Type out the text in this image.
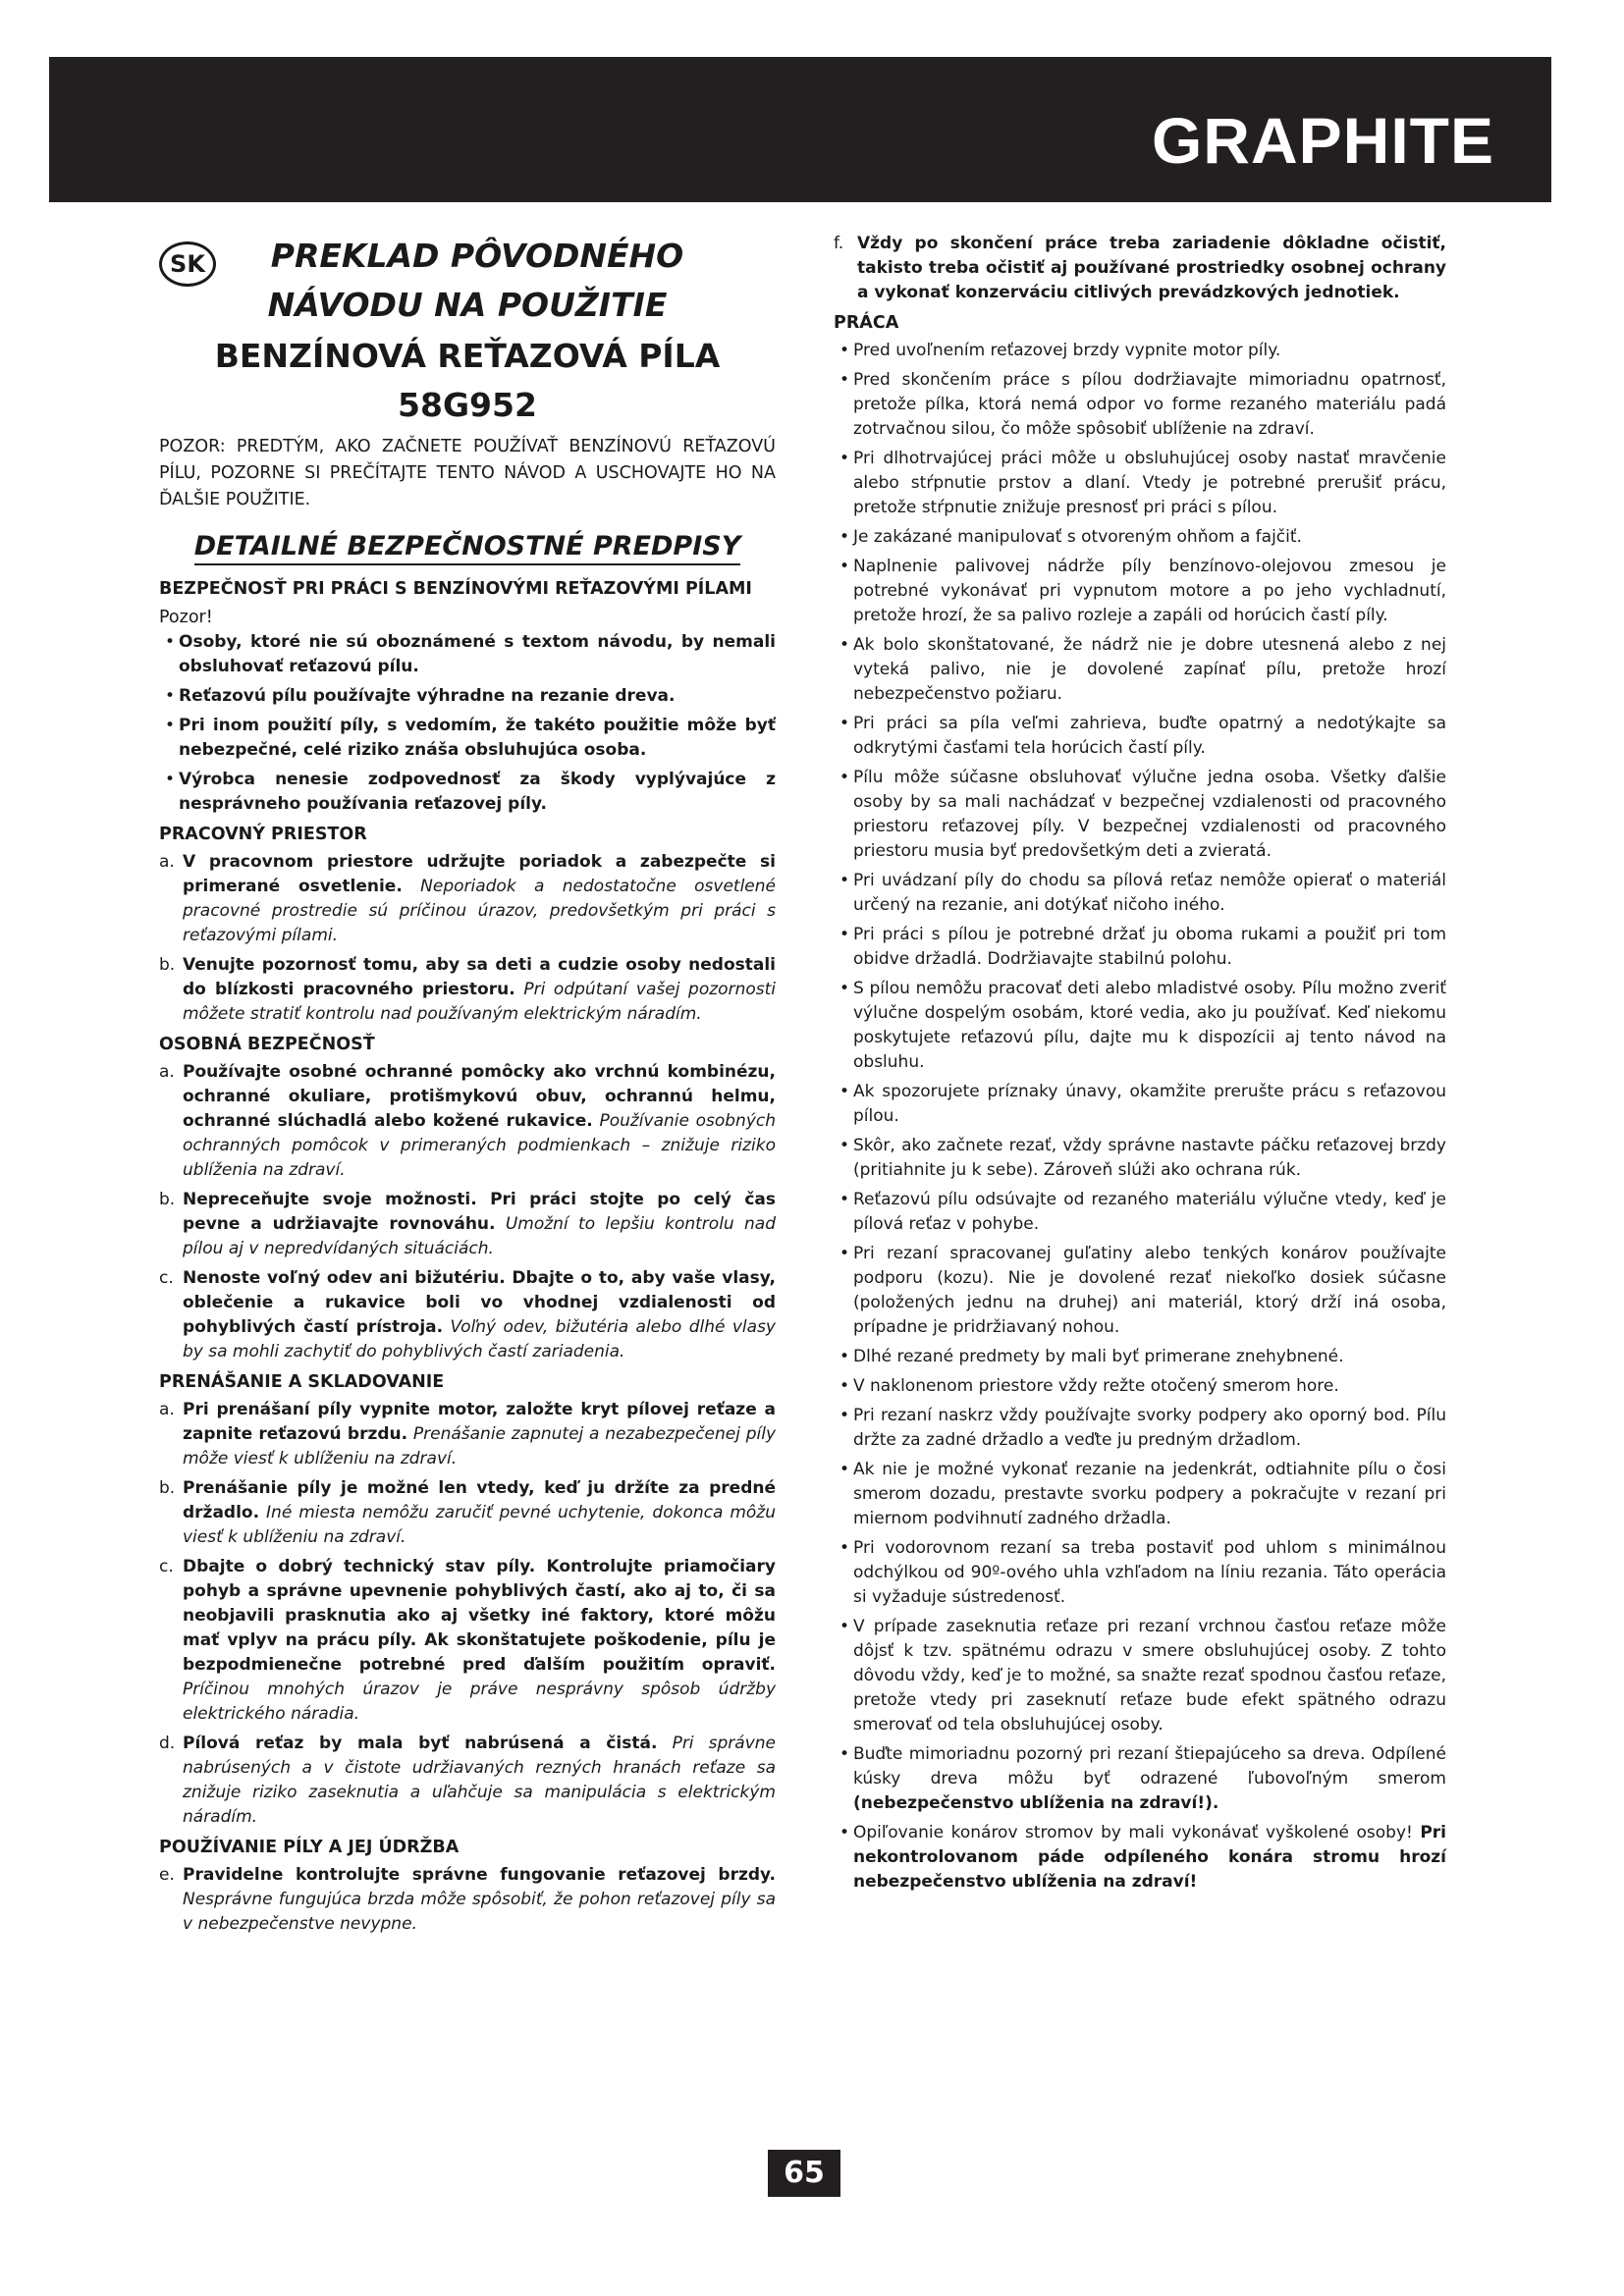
GRAPHITE
SK	PREKLAD PÔVODNÉHO
NÁVODU NA POUŽITIE
BENZÍNOVÁ REŤAZOVÁ PÍLA
58G952
POZOR: PREDTÝM, AKO ZAČNETE POUŽÍVAŤ BENZÍNOVÚ REŤAZOVÚ PÍLU, POZORNE SI PREČÍTAJTE TENTO NÁVOD A USCHOVAJTE HO NA ĎALŠIE POUŽITIE.
DETAILNÉ BEZPEČNOSTNÉ PREDPISY
BEZPEČNOSŤ PRI PRÁCI S BENZÍNOVÝMI REŤAZOVÝMI PÍLAMI
Pozor!
• Osoby, ktoré nie sú oboznámené s textom návodu, by nemali obsluhovať reťazovú pílu.
• Reťazovú pílu používajte výhradne na rezanie dreva.
• Pri inom použití píly, s vedomím, že takéto použitie môže byť nebezpečné, celé riziko znáša obsluhujúca osoba.
• Výrobca nenesie zodpovednosť za škody vyplývajúce z nesprávneho používania reťazovej píly.
PRACOVNÝ PRIESTOR
a. V pracovnom priestore udržujte poriadok a zabezpečte si primerané osvetlenie. Neporiadok a nedostatočne osvetlené pracovné prostredie sú príčinou úrazov, predovšetkým pri práci s reťazovými pílami.
b. Venujte pozornosť tomu, aby sa deti a cudzie osoby nedostali do blízkosti pracovného priestoru. Pri odpútaní vašej pozornosti môžete stratiť kontrolu nad používaným elektrickým náradím.
OSOBNÁ BEZPEČNOSŤ
a. Používajte osobné ochranné pomôcky ako vrchnú kombinézu, ochranné okuliare, protišmykovú obuv, ochrannú helmu, ochranné slúchadlá alebo kožené rukavice. Používanie osobných ochranných pomôcok v primeraných podmienkach – znižuje riziko ublíženia na zdraví.
b. Nepreceňujte svoje možnosti. Pri práci stojte po celý čas pevne a udržiavajte rovnováhu. Umožní to lepšiu kontrolu nad pílou aj v nepredvídaných situáciách.
c. Nenoste voľný odev ani bižutériu. Dbajte o to, aby vaše vlasy, oblečenie a rukavice boli vo vhodnej vzdialenosti od pohyblivých častí prístroja. Voľný odev, bižutéria alebo dlhé vlasy by sa mohli zachytiť do pohyblivých častí zariadenia.
PRENÁŠANIE A SKLADOVANIE
a. Pri prenášaní píly vypnite motor, založte kryt pílovej reťaze a zapnite reťazovú brzdu. Prenášanie zapnutej a nezabezpečenej píly môže viesť k ublíženiu na zdraví.
b. Prenášanie píly je možné len vtedy, keď ju držíte za predné držadlo. Iné miesta nemôžu zaručiť pevné uchytenie, dokonca môžu viesť k ublíženiu na zdraví.
c. Dbajte o dobrý technický stav píly. Kontrolujte priamočiary pohyb a správne upevnenie pohyblivých častí, ako aj to, či sa neobjavili prasknutia ako aj všetky iné faktory, ktoré môžu mať vplyv na prácu píly. Ak skonštatujete poškodenie, pílu je bezpodmienečne potrebné pred ďalším použitím opraviť. Príčinou mnohých úrazov je práve nesprávny spôsob údržby elektrického náradia.
d. Pílová reťaz by mala byť nabrúsená a čistá. Pri správne nabrúsených a v čistote udržiavaných rezných hranách reťaze sa znižuje riziko zaseknutia a uľahčuje sa manipulácia s elektrickým náradím.
POUŽÍVANIE PÍLY A JEJ ÚDRŽBA
e. Pravidelne kontrolujte správne fungovanie reťazovej brzdy. Nesprávne fungujúca brzda môže spôsobiť, že pohon reťazovej píly sa v nebezpečenstve nevypne.
f. Vždy po skončení práce treba zariadenie dôkladne očistiť, takisto treba očistiť aj používané prostriedky osobnej ochrany a vykonať konzerváciu citlivých prevádzkových jednotiek.
PRÁCA
• Pred uvoľnením reťazovej brzdy vypnite motor píly.
• Pred skončením práce s pílou dodržiavajte mimoriadnu opatrnosť, pretože pílka, ktorá nemá odpor vo forme rezaného materiálu padá zotrvačnou silou, čo môže spôsobiť ublíženie na zdraví.
• Pri dlhotrvajúcej práci môže u obsluhujúcej osoby nastať mravčenie alebo stŕpnutie prstov a dlaní. Vtedy je potrebné prerušiť prácu, pretože stŕpnutie znižuje presnosť pri práci s pílou.
• Je zakázané manipulovať s otvoreným ohňom a fajčiť.
• Naplnenie palivovej nádrže píly benzínovo-olejovou zmesou je potrebné vykonávať pri vypnutom motore a po jeho vychladnutí, pretože hrozí, že sa palivo rozleje a zapáli od horúcich častí píly.
• Ak bolo skonštatované, že nádrž nie je dobre utesnená alebo z nej vyteká palivo, nie je dovolené zapínať pílu, pretože hrozí nebezpečenstvo požiaru.
• Pri práci sa píla veľmi zahrieva, buďte opatrný a nedotýkajte sa odkrytými časťami tela horúcich častí píly.
• Pílu môže súčasne obsluhovať výlučne jedna osoba. Všetky ďalšie osoby by sa mali nachádzať v bezpečnej vzdialenosti od pracovného priestoru reťazovej píly. V bezpečnej vzdialenosti od pracovného priestoru musia byť predovšetkým deti a zvieratá.
• Pri uvádzaní píly do chodu sa pílová reťaz nemôže opierať o materiál určený na rezanie, ani dotýkať ničoho iného.
• Pri práci s pílou je potrebné držať ju oboma rukami a použiť pri tom obidve držadlá. Dodržiavajte stabilnú polohu.
• S pílou nemôžu pracovať deti alebo mladistvé osoby. Pílu možno zveriť výlučne dospelým osobám, ktoré vedia, ako ju používať. Keď niekomu poskytujete reťazovú pílu, dajte mu k dispozícii aj tento návod na obsluhu.
• Ak spozorujete príznaky únavy, okamžite prerušte prácu s reťazovou pílou.
• Skôr, ako začnete rezať, vždy správne nastavte páčku reťazovej brzdy (pritiahnite ju k sebe). Zároveň slúži ako ochrana rúk.
• Reťazovú pílu odsúvajte od rezaného materiálu výlučne vtedy, keď je pílová reťaz v pohybe.
• Pri rezaní spracovanej guľatiny alebo tenkých konárov používajte podporu (kozu). Nie je dovolené rezať niekoľko dosiek súčasne (položených jednu na druhej) ani materiál, ktorý drží iná osoba, prípadne je pridržiavaný nohou.
• Dlhé rezané predmety by mali byť primerane znehybnené.
• V naklonenom priestore vždy režte otočený smerom hore.
• Pri rezaní naskrz vždy používajte svorky podpery ako oporný bod. Pílu držte za zadné držadlo a veďte ju predným držadlom.
• Ak nie je možné vykonať rezanie na jedenkrát, odtiahnite pílu o čosi smerom dozadu, prestavte svorku podpery a pokračujte v rezaní pri miernom podvihnutí zadného držadla.
• Pri vodorovnom rezaní sa treba postaviť pod uhlom s minimálnou odchýlkou od 90º-ového uhla vzhľadom na líniu rezania. Táto operácia si vyžaduje sústredenosť.
• V prípade zaseknutia reťaze pri rezaní vrchnou časťou reťaze môže dôjsť k tzv. spätnému odrazu v smere obsluhujúcej osoby. Z tohto dôvodu vždy, keď je to možné, sa snažte rezať spodnou časťou reťaze, pretože vtedy pri zaseknutí reťaze bude efekt spätného odrazu smerovať od tela obsluhujúcej osoby.
• Buďte mimoriadnu pozorný pri rezaní štiepajúceho sa dreva. Odpílené kúsky dreva môžu byť odrazené ľubovoľným smerom (nebezpečenstvo ublíženia na zdraví!).
• Opiľovanie konárov stromov by mali vykonávať vyškolené osoby! Pri nekontrolovanom páde odpíleného konára stromu hrozí nebezpečenstvo ublíženia na zdraví!
65
